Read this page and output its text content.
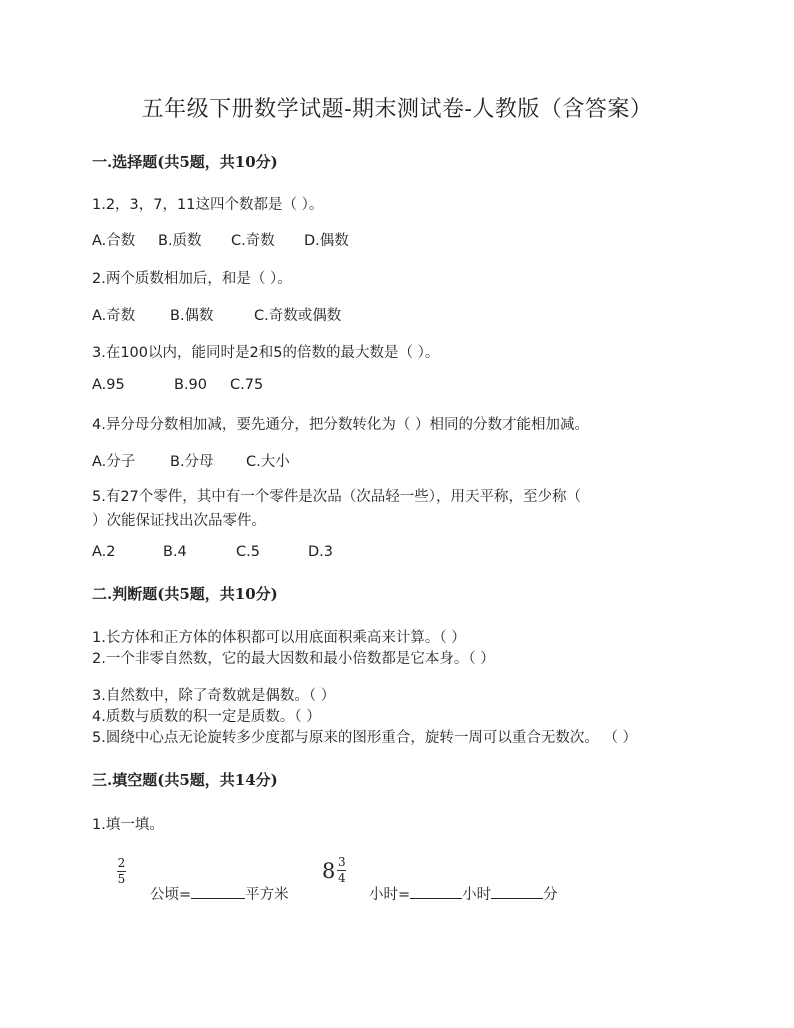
五年级下册数学试题-期末测试卷-人教版（含答案）
一.选择题(共5题，共10分)
1.2，3，7，11这四个数都是（ ）。
A.合数	B.质数	C.奇数	D.偶数
2.两个质数相加后，和是（ ）。
A.奇数	B.偶数	C.奇数或偶数
3.在100以内，能同时是2和5的倍数的最大数是（ ）。
A.95	B.90	C.75
4.异分母分数相加减，要先通分，把分数转化为（ ）相同的分数才能相加减。
A.分子	B.分母	C.大小
5.有27个零件，其中有一个零件是次品（次品轻一些），用天平称，至少称（
）次能保证找出次品零件。
A.2	B.4	C.5	D.3
二.判断题(共5题，共10分)
1.长方体和正方体的体积都可以用底面积乘高来计算。（ ）
2.一个非零自然数，它的最大因数和最小倍数都是它本身。（ ）
3.自然数中，除了奇数就是偶数。（ ）
4.质数与质数的积一定是质数。（ ）
5.圆绕中心点无论旋转多少度都与原来的图形重合，旋转一周可以重合无数次。 （ ）
三.填空题(共5题，共14分)
1.填一填。
2
5
公顷=	平方米
$8 \frac{3}{4}$
小时=	小时	分
